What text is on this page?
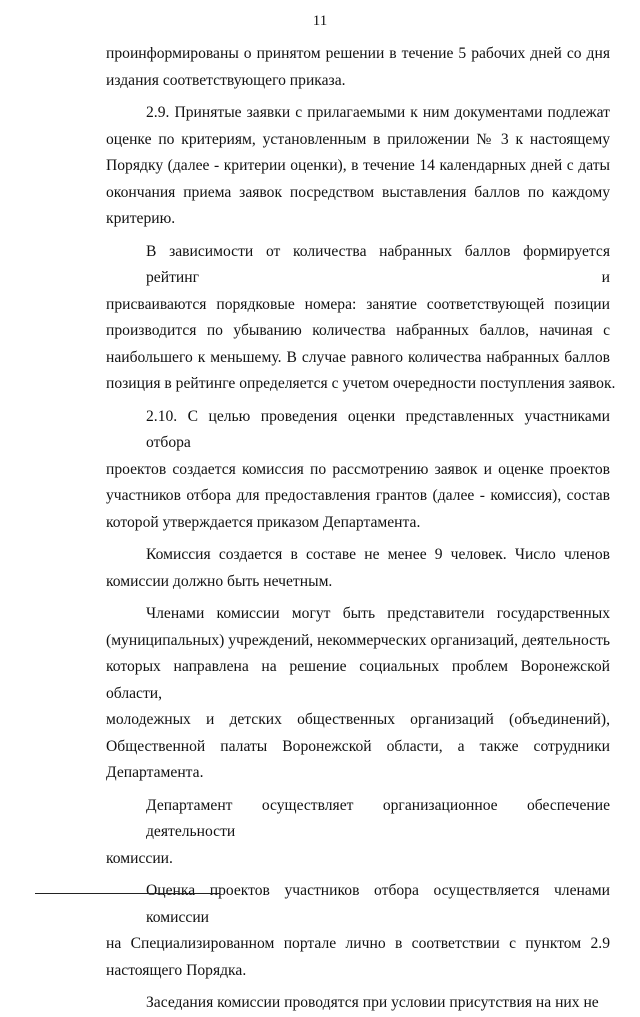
11
проинформированы о принятом решении в течение 5 рабочих дней со дня
издания соответствующего приказа.
2.9. Принятые заявки с прилагаемыми к ним документами подлежат
оценке по критериям, установленным в приложении № 3 к настоящему
Порядку (далее - критерии оценки), в течение 14 календарных дней с даты
окончания приема заявок посредством выставления баллов по каждому
критерию.
В зависимости от количества набранных баллов формируется рейтинг и
присваиваются порядковые номера: занятие соответствующей позиции
производится по убыванию количества набранных баллов, начиная с
наибольшего к меньшему. В случае равного количества набранных баллов
позиция в рейтинге определяется с учетом очередности поступления заявок.
2.10. С целью проведения оценки представленных участниками отбора
проектов создается комиссия по рассмотрению заявок и оценке проектов
участников отбора для предоставления грантов (далее - комиссия), состав
которой утверждается приказом Департамента.
Комиссия создается в составе не менее 9 человек. Число членов
комиссии должно быть нечетным.
Членами комиссии могут быть представители государственных
(муниципальных) учреждений, некоммерческих организаций, деятельность
которых направлена на решение социальных проблем Воронежской области,
молодежных и детских общественных организаций (объединений),
Общественной палаты Воронежской области, а также сотрудники
Департамента.
Департамент осуществляет организационное обеспечение деятельности
комиссии.
Оценка проектов участников отбора осуществляется членами комиссии
на Специализированном портале лично в соответствии с пунктом 2.9
настоящего Порядка.
Заседания комиссии проводятся при условии присутствия на них не
